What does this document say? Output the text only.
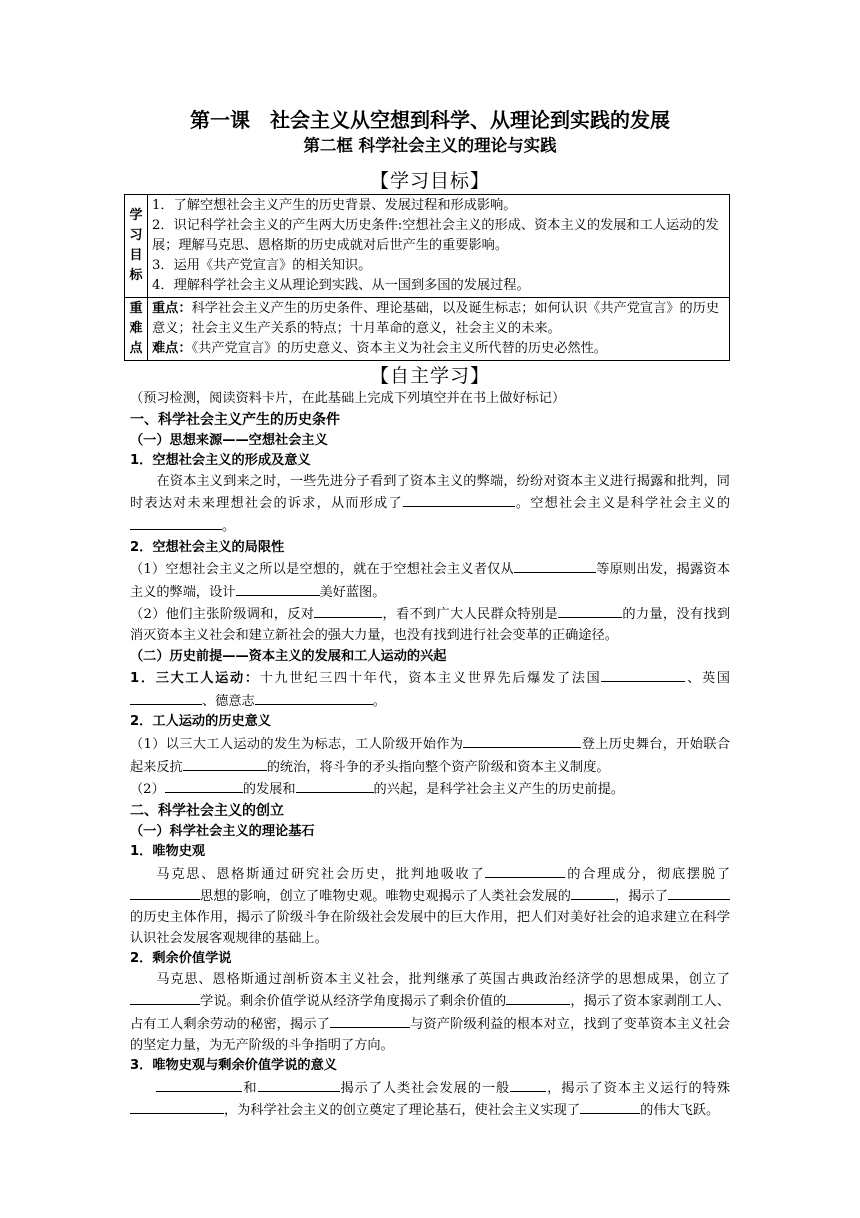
第一课　社会主义从空想到科学、从理论到实践的发展
第二框 科学社会主义的理论与实践
【学习目标】
学习目标	1．了解空想社会主义产生的历史背景、发展过程和形成影响。
2．识记科学社会主义的产生两大历史条件:空想社会主义的形成、资本主义的发展和工人运动的发展；理解马克思、恩格斯的历史成就对后世产生的重要影响。
3．运用《共产党宣言》的相关知识。
4．理解科学社会主义从理论到实践、从一国到多国的发展过程。

重难点	重点：科学社会主义产生的历史条件、理论基础，以及诞生标志；如何认识《共产党宣言》的历史意义；社会主义生产关系的特点；十月革命的意义，社会主义的未来。
难点：《共产党宣言》的历史意义、资本主义为社会主义所代替的历史必然性。
【自主学习】
（预习检测，阅读资料卡片，在此基础上完成下列填空并在书上做好标记）
一、科学社会主义产生的历史条件
（一）思想来源——空想社会主义
1．空想社会主义的形成及意义
在资本主义到来之时，一些先进分子看到了资本主义的弊端，纷纷对资本主义进行揭露和批判，同时表达对未来理想社会的诉求，从而形成了	。空想社会主义是科学社会主义的。
2．空想社会主义的局限性
（1）空想社会主义之所以是空想的，就在于空想社会主义者仅从	等原则出发，揭露资本主义的弊端，设计	美好蓝图。
（2）他们主张阶级调和，反对	，看不到广大人民群众特别是	的力量，没有找到消灭资本主义社会和建立新社会的强大力量，也没有找到进行社会变革的正确途径。
（二）历史前提——资本主义的发展和工人运动的兴起
1．三大工人运动：十九世纪三四十年代，资本主义世界先后爆发了法国	、英国、德意志	。
2．工人运动的历史意义
（1）以三大工人运动的发生为标志，工人阶级开始作为	登上历史舞台，开始联合起来反抗	的统治，将斗争的矛头指向整个资产阶级和资本主义制度。
（2）	的发展和	的兴起，是科学社会主义产生的历史前提。
二、科学社会主义的创立
（一）科学社会主义的理论基石
1．唯物史观
马克思、恩格斯通过研究社会历史，批判地吸收了	的合理成分，彻底摆脱了思想的影响，创立了唯物史观。唯物史观揭示了人类社会发展的	，揭示了的历史主体作用，揭示了阶级斗争在阶级社会发展中的巨大作用，把人们对美好社会的追求建立在科学认识社会发展客观规律的基础上。
2．剩余价值学说
马克思、恩格斯通过剖析资本主义社会，批判继承了英国古典政治经济学的思想成果，创立了学说。剩余价值学说从经济学角度揭示了剩余价值的	，揭示了资本家剥削工人、占有工人剩余劳动的秘密，揭示了	与资产阶级利益的根本对立，找到了变革资本主义社会的坚定力量，为无产阶级的斗争指明了方向。
3．唯物史观与剩余价值学说的意义
和	揭示了人类社会发展的一般	，揭示了资本主义运行的特殊，为科学社会主义的创立奠定了理论基石，使社会主义实现了	的伟大飞跃。
